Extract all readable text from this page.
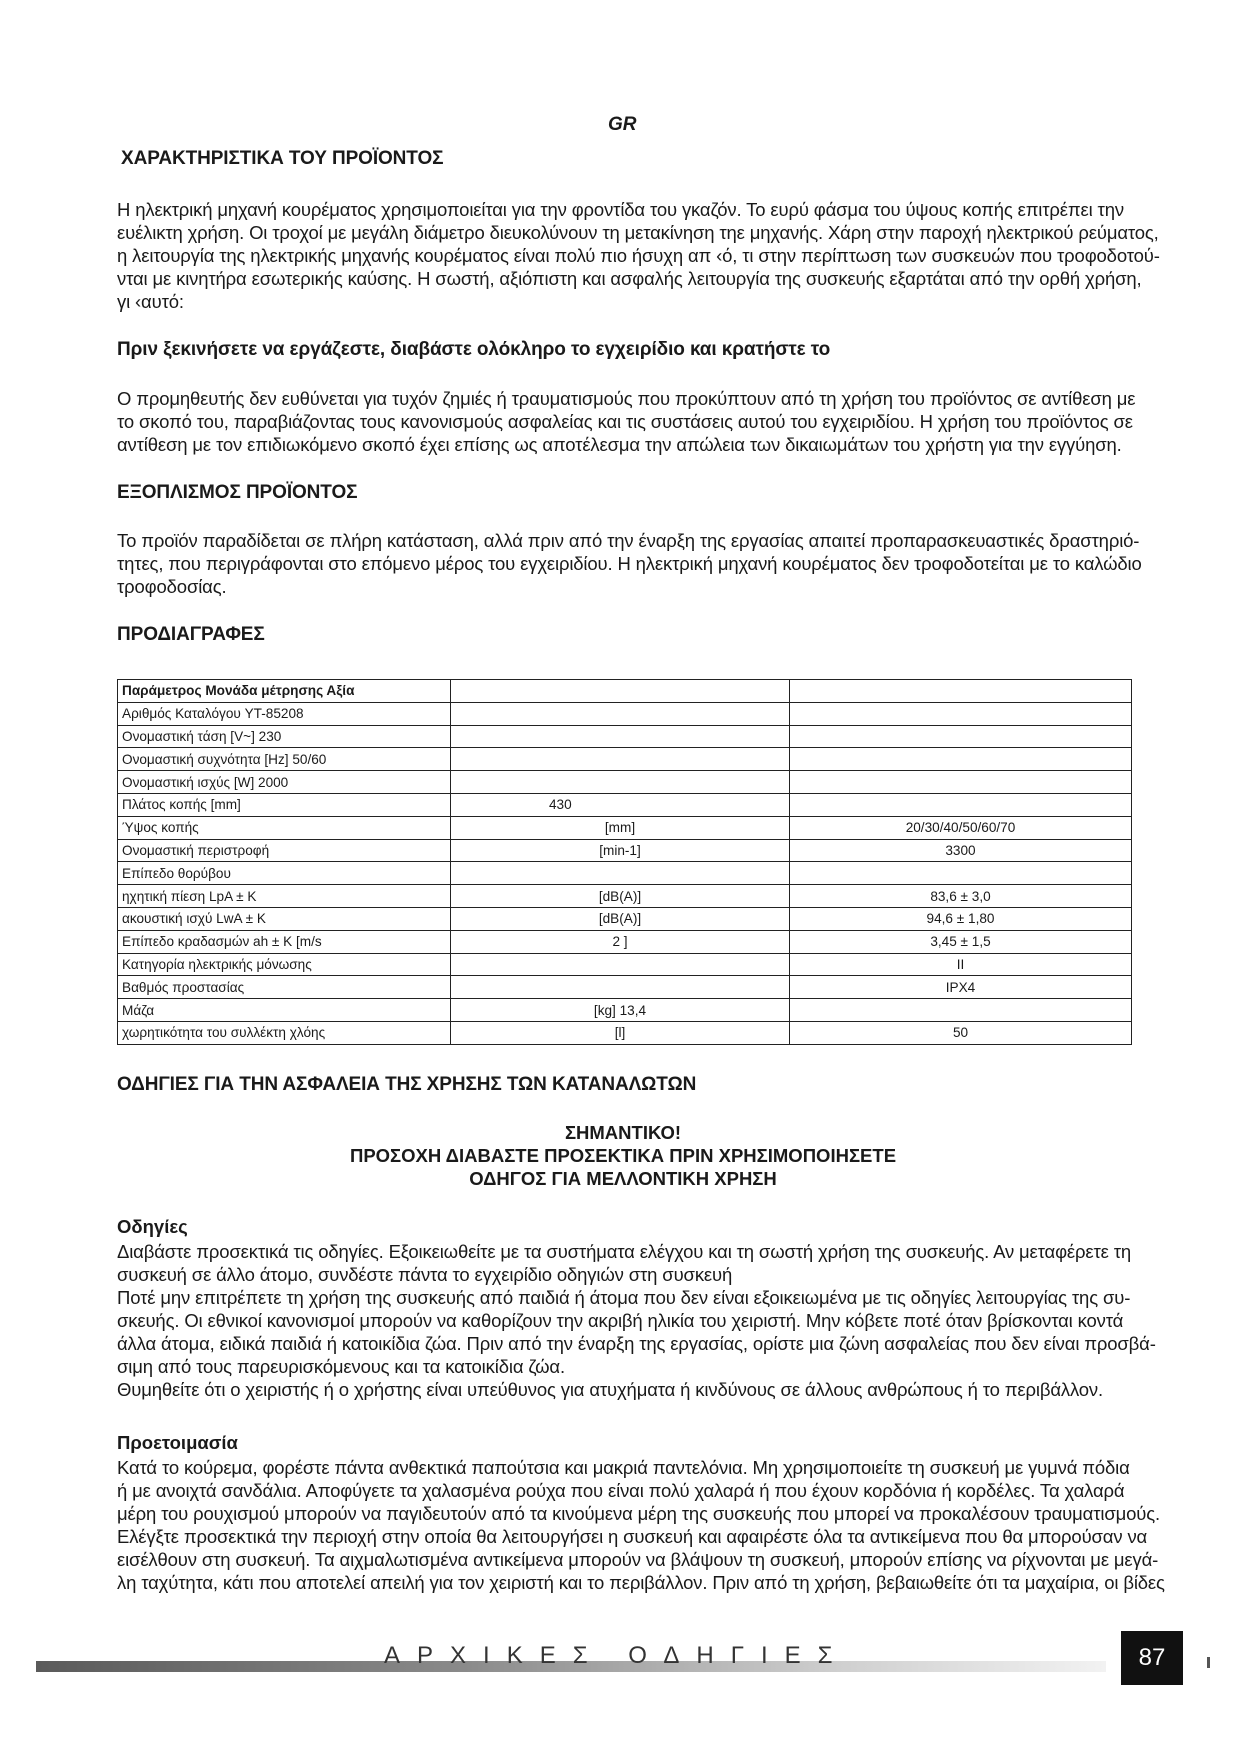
GR
ΧΑΡΑΚΤΗΡΙΣΤΙΚΑ ΤΟΥ ΠΡΟΪΟΝΤΟΣ

Η ηλεκτρική μηχανή κουρέματος χρησιμοποιείται για την φροντίδα του γκαζόν. Το ευρύ φάσμα του ύψους κοπής επιτρέπει την

ευέλικτη χρήση. Οι τροχοί με μεγάλη διάμετρο διευκολύνουν τη μετακίνηση τηε μηχανής. Χάρη στην παροχή ηλεκτρικού ρεύματος,

η λειτουργία της ηλεκτρικής μηχανής κουρέματος είναι πολύ πιο ήσυχη απ ‹ό, τι στην περίπτωση των συσκευών που τροφοδοτού-

νται με κινητήρα εσωτερικής καύσης. Η σωστή, αξιόπιστη και ασφαλής λειτουργία της συσκευής εξαρτάται από την ορθή χρήση,

γι ‹αυτό:

Πριν ξεκινήσετε να εργάζεστε, διαβάστε ολόκληρο το εγχειρίδιο και κρατήστε το

Ο προμηθευτής δεν ευθύνεται για τυχόν ζημιές ή τραυματισμούς που προκύπτουν από τη χρήση του προϊόντος σε αντίθεση με

το σκοπό του, παραβιάζοντας τους κανονισμούς ασφαλείας και τις συστάσεις αυτού του εγχειριδίου. Η χρήση του προϊόντος σε

αντίθεση με τον επιδιωκόμενο σκοπό έχει επίσης ως αποτέλεσμα την απώλεια των δικαιωμάτων του χρήστη για την εγγύηση.

ΕΞΟΠΛΙΣΜΟΣ ΠΡΟΪΟΝΤΟΣ

Το προϊόν παραδίδεται σε πλήρη κατάσταση, αλλά πριν από την έναρξη της εργασίας απαιτεί προπαρασκευαστικές δραστηριό-

τητες, που περιγράφονται στο επόμενο μέρος του εγχειριδίου. Η ηλεκτρική μηχανή κουρέματος δεν τροφοδοτείται με το καλώδιο

τροφοδοσίας.

ΠΡΟΔΙΑΓΡΑΦΕΣ
Παράμετρος Μονάδα μέτρησης Αξία		
Αριθμός Καταλόγου YT-85208		
Ονομαστική τάση [V~] 230		
Ονομαστική συχνότητα [Hz] 50/60		
Ονομαστική ισχύς [W] 2000		
Πλάτος κοπής [mm]	430	
Ύψος κοπής	[mm]	20/30/40/50/60/70
Ονομαστική περιστροφή	[min-1]	3300
Επίπεδο θορύβου		
ηχητική πίεση LpA ± K	[dB(A)]	83,6 ± 3,0
ακουστική ισχύ LwA ± K	[dB(A)]	94,6 ± 1,80
Επίπεδο κραδασμών ah ± K [m/s	2 ]	3,45 ± 1,5
Κατηγορία ηλεκτρικής μόνωσης		II
Βαθμός προστασίας		IPX4
Μάζα	[kg] 13,4	
χωρητικότητα του συλλέκτη χλόης	[l]	50
ΟΔΗΓΙΕΣ ΓΙΑ ΤΗΝ ΑΣΦΑΛΕΙΑ ΤΗΣ ΧΡΗΣΗΣ ΤΩΝ ΚΑΤΑΝΑΛΩΤΩΝ
ΣΗΜΑΝΤΙΚΟ!
ΠΡΟΣΟΧΗ ΔΙΑΒΑΣΤΕ ΠΡΟΣΕΚΤΙΚΑ ΠΡΙΝ ΧΡΗΣΙΜΟΠΟΙΗΣΕΤΕ
ΟΔΗΓΟΣ ΓΙΑ ΜΕΛΛΟΝΤΙΚΗ ΧΡΗΣΗ
Οδηγίες

Διαβάστε προσεκτικά τις οδηγίες. Εξοικειωθείτε με τα συστήματα ελέγχου και τη σωστή χρήση της συσκευής. Αν μεταφέρετε τη

συσκευή σε άλλο άτομο, συνδέστε πάντα το εγχειρίδιο οδηγιών στη συσκευή

Ποτέ μην επιτρέπετε τη χρήση της συσκευής από παιδιά ή άτομα που δεν είναι εξοικειωμένα με τις οδηγίες λειτουργίας της συ-

σκευής. Οι εθνικοί κανονισμοί μπορούν να καθορίζουν την ακριβή ηλικία του χειριστή. Μην κόβετε ποτέ όταν βρίσκονται κοντά

άλλα άτομα, ειδικά παιδιά ή κατοικίδια ζώα. Πριν από την έναρξη της εργασίας, ορίστε μια ζώνη ασφαλείας που δεν είναι προσβά-

σιμη από τους παρευρισκόμενους και τα κατοικίδια ζώα.

Θυμηθείτε ότι ο χειριστής ή ο χρήστης είναι υπεύθυνος για ατυχήματα ή κινδύνους σε άλλους ανθρώπους ή το περιβάλλον.

Προετοιμασία

Κατά το κούρεμα, φορέστε πάντα ανθεκτικά παπούτσια και μακριά παντελόνια. Μη χρησιμοποιείτε τη συσκευή με γυμνά πόδια

ή με ανοιχτά σανδάλια. Αποφύγετε τα χαλασμένα ρούχα που είναι πολύ χαλαρά ή που έχουν κορδόνια ή κορδέλες. Τα χαλαρά

μέρη του ρουχισμού μπορούν να παγιδευτούν από τα κινούμενα μέρη της συσκευής που μπορεί να προκαλέσουν τραυματισμούς.

Ελέγξτε προσεκτικά την περιοχή στην οποία θα λειτουργήσει η συσκευή και αφαιρέστε όλα τα αντικείμενα που θα μπορούσαν να

εισέλθουν στη συσκευή. Τα αιχμαλωτισμένα αντικείμενα μπορούν να βλάψουν τη συσκευή, μπορούν επίσης να ρίχνονται με μεγά-

λη ταχύτητα, κάτι που αποτελεί απειλή για τον χειριστή και το περιβάλλον. Πριν από τη χρήση, βεβαιωθείτε ότι τα μαχαίρια, οι βίδες

ΑΡΧΙΚΕΣ ΟΔΗΓΙΕΣ	87
